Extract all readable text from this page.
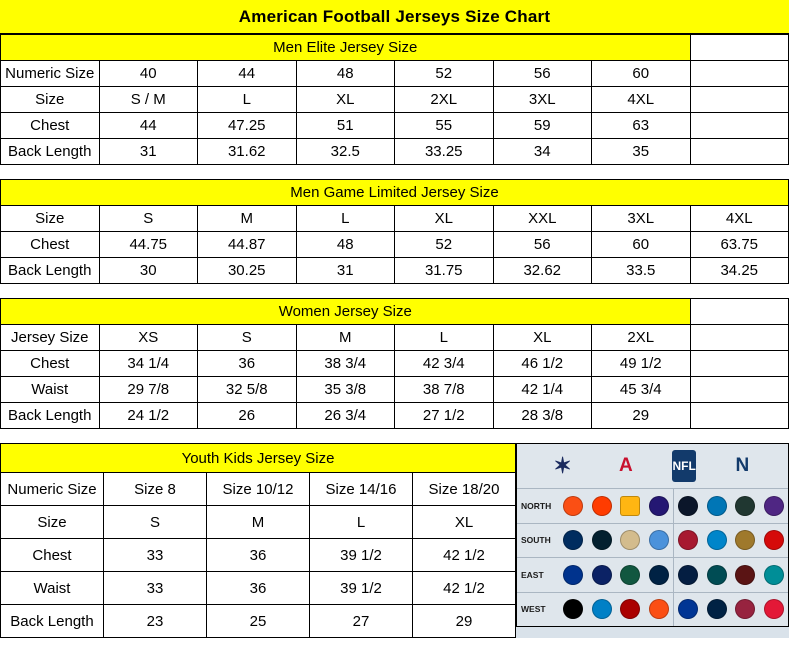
American Football Jerseys Size Chart
Men Elite Jersey Size							
Numeric Size	40	44	48	52	56	60	
Size	S / M	L	XL	2XL	3XL	4XL	
Chest	44	47.25	51	55	59	63	
Back Length	31	31.62	32.5	33.25	34	35	
Men Game Limited Jersey Size							
Size	S	M	L	XL	XXL	3XL	4XL
Chest	44.75	44.87	48	52	56	60	63.75
Back Length	30	30.25	31	31.75	32.62	33.5	34.25
Women Jersey Size							
Jersey Size	XS	S	M	L	XL	2XL	
Chest	34 1/4	36	38 3/4	42 3/4	46 1/2	49 1/2	
Waist	29 7/8	32 5/8	35 3/8	38 7/8	42 1/4	45 3/4	
Back Length	24 1/2	26	26 3/4	27 1/2	28 3/8	29	
Youth Kids Jersey Size				
Numeric Size	Size 8	Size 10/12	Size 14/16	Size 18/20
Size	S	M	L	XL
Chest	33	36	39 1/2	42 1/2
Waist	33	36	39 1/2	42 1/2
Back Length	23	25	27	29
✶	A	NFL	N
NORTH
SOUTH
EAST
WEST
